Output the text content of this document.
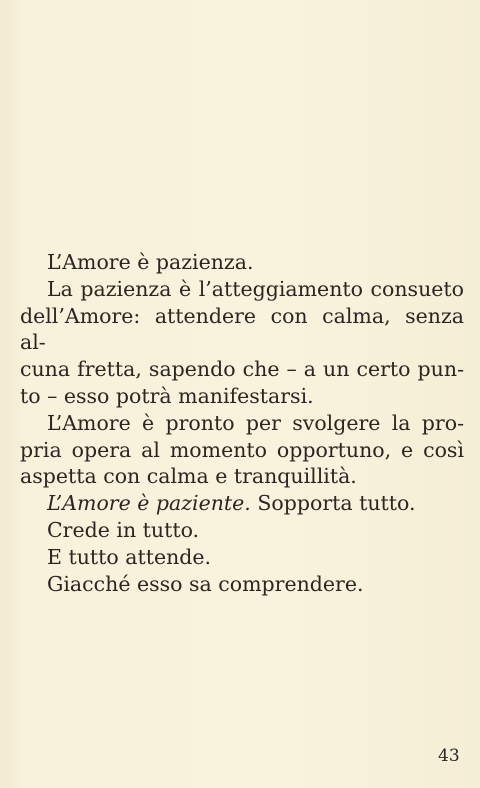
L’Amore è pazienza.

La pazienza è l’atteggiamento consueto
dell’Amore: attendere con calma, senza al-
cuna fretta, sapendo che – a un certo pun-
to – esso potrà manifestarsi.
L’Amore è pronto per svolgere la pro-
pria opera al momento opportuno, e così
aspetta con calma e tranquillità.

L’Amore è paziente. Sopporta tutto.

Crede in tutto.

E tutto attende.

Giacché esso sa comprendere.

43
